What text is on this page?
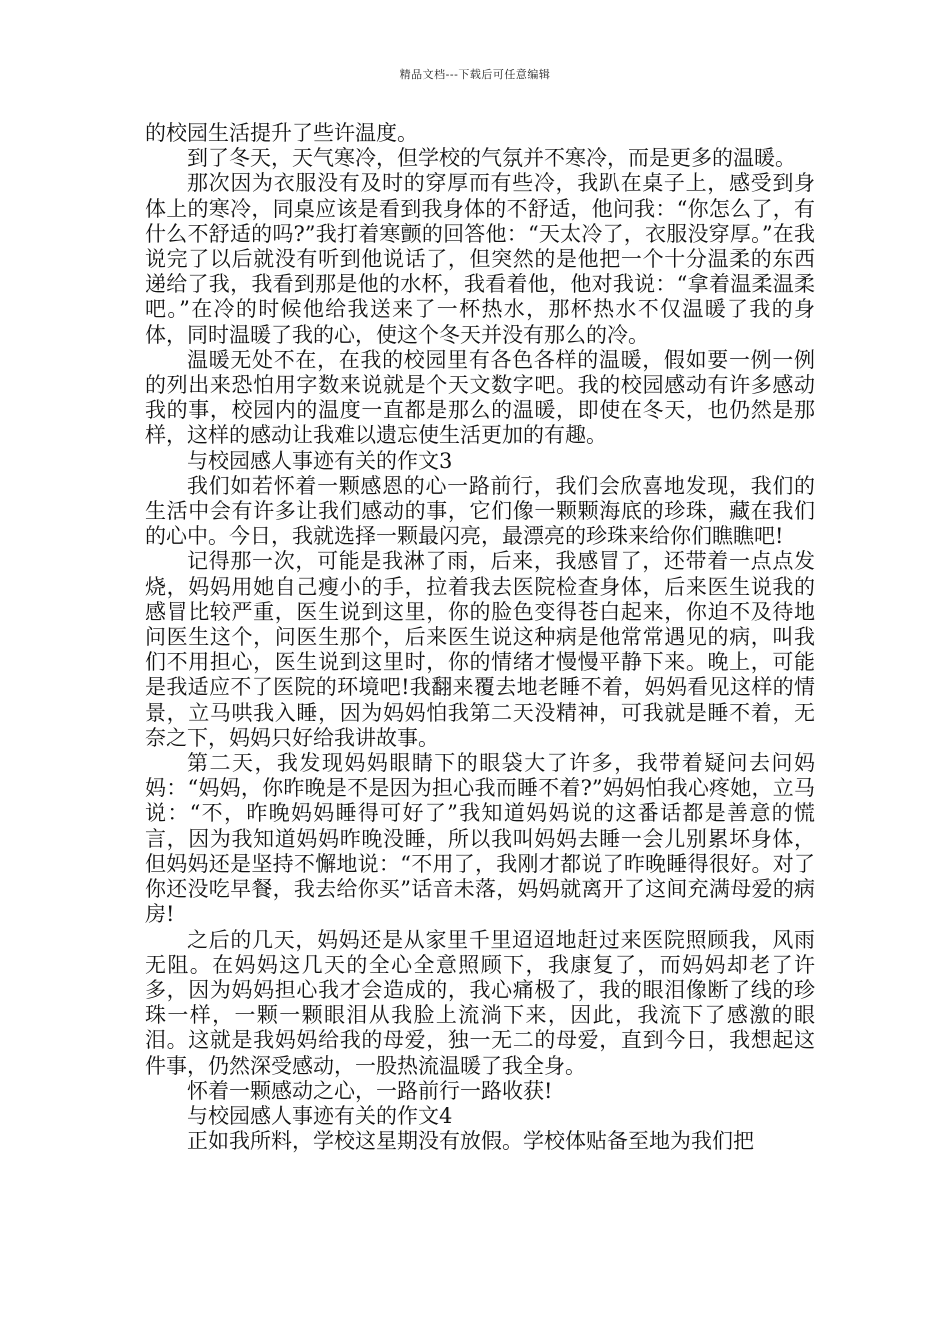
精品文档---下载后可任意编辑

的校园生活提升了些许温度。

到了冬天，天气寒冷，但学校的气氛并不寒冷，而是更多的温暖。

那次因为衣服没有及时的穿厚而有些冷，我趴在桌子上，感受到身体上的寒冷，同桌应该是看到我身体的不舒适，他问我：“你怎么了，有什么不舒适的吗?”我打着寒颤的回答他：“天太冷了，衣服没穿厚。”在我说完了以后就没有听到他说话了，但突然的是他把一个十分温柔的东西递给了我，我看到那是他的水杯，我看着他，他对我说：“拿着温柔温柔吧。”在冷的时候他给我送来了一杯热水，那杯热水不仅温暖了我的身体，同时温暖了我的心，使这个冬天并没有那么的冷。

温暖无处不在，在我的校园里有各色各样的温暖，假如要一例一例的列出来恐怕用字数来说就是个天文数字吧。我的校园感动有许多感动我的事，校园内的温度一直都是那么的温暖，即使在冬天，也仍然是那样，这样的感动让我难以遗忘使生活更加的有趣。

与校园感人事迹有关的作文3

我们如若怀着一颗感恩的心一路前行，我们会欣喜地发现，我们的生活中会有许多让我们感动的事，它们像一颗颗海底的珍珠，藏在我们的心中。今日，我就选择一颗最闪亮，最漂亮的珍珠来给你们瞧瞧吧!

记得那一次，可能是我淋了雨，后来，我感冒了，还带着一点点发烧，妈妈用她自己瘦小的手，拉着我去医院检查身体，后来医生说我的感冒比较严重，医生说到这里，你的脸色变得苍白起来，你迫不及待地问医生这个，问医生那个，后来医生说这种病是他常常遇见的病，叫我们不用担心，医生说到这里时，你的情绪才慢慢平静下来。晚上，可能是我适应不了医院的环境吧!我翻来覆去地老睡不着，妈妈看见这样的情景，立马哄我入睡，因为妈妈怕我第二天没精神，可我就是睡不着，无奈之下，妈妈只好给我讲故事。

第二天，我发现妈妈眼睛下的眼袋大了许多，我带着疑问去问妈妈：“妈妈，你昨晚是不是因为担心我而睡不着?”妈妈怕我心疼她，立马说：“不，昨晚妈妈睡得可好了”我知道妈妈说的这番话都是善意的慌言，因为我知道妈妈昨晚没睡，所以我叫妈妈去睡一会儿别累坏身体，但妈妈还是坚持不懈地说：“不用了，我刚才都说了昨晚睡得很好。对了你还没吃早餐，我去给你买”话音未落，妈妈就离开了这间充满母爱的病房!

之后的几天，妈妈还是从家里千里迢迢地赶过来医院照顾我，风雨无阻。在妈妈这几天的全心全意照顾下，我康复了，而妈妈却老了许多，因为妈妈担心我才会造成的，我心痛极了，我的眼泪像断了线的珍珠一样，一颗一颗眼泪从我脸上流淌下来，因此，我流下了感激的眼泪。这就是我妈妈给我的母爱，独一无二的母爱，直到今日，我想起这件事，仍然深受感动，一股热流温暖了我全身。

怀着一颗感动之心，一路前行一路收获!

与校园感人事迹有关的作文4

正如我所料，学校这星期没有放假。学校体贴备至地为我们把
